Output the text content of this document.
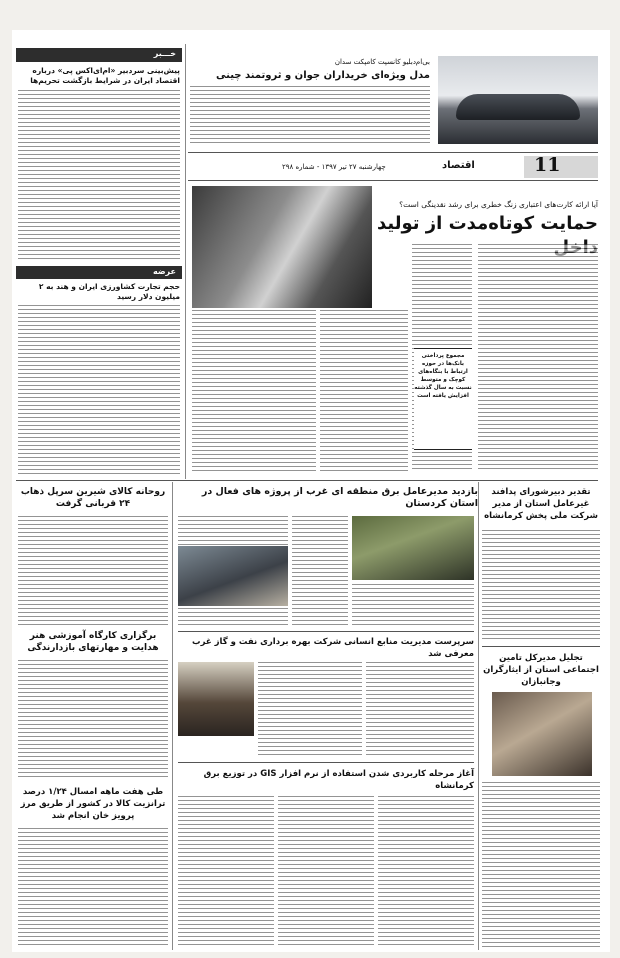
خـــبر
پیش‌بینی سردبیر «ام‌ای‌اکس پی» درباره اقتصاد ایران در شرایط بازگشت تحریم‌ها
عرضه
حجم تجارت کشاورزی ایران و هند به ۲ میلیون دلار رسید
بی‌ام‌دبلیو کانسپت کامپکت سدان
مدل ویژه‌ای خریداران جوان و ثروتمند چینی
11
اقتصاد
چهارشنبه ۲۷ تیر ۱۳۹۷ - شماره ۲۹۸
آیا ارائه کارت‌های اعتباری زنگ خطری برای رشد نقدینگی است؟
حمایت کوتاه‌مدت از تولید

مجموع پرداختی بانک‌ها در حوزه ارتباط با بنگاه‌های کوچک و متوسط نسبت به سال گذشته افزایش یافته است

روحانه کالای شیرین سرپل ذهاب ۲۴ قربانی گرفت
برگزاری کارگاه آموزشی هنر هدایت و مهارتهای بازدارندگی
طی هفت ماهه امسال ۱/۲۴ درصد ترانزیت کالا در کشور از طریق مرز پرویز خان انجام شد
بازدید مدیرعامل برق منطقه ای غرب از پروژه های فعال در استان کردستان
سرپرست مدیریت منابع انسانی شرکت بهره برداری نفت و گاز غرب معرفی شد
آغاز مرحله کاربردی شدن استفاده از نرم افزار GIS در توزیع برق کرمانشاه
تقدیر دبیرشورای پدافند غیرعامل استان از مدیر شرکت ملی پخش کرمانشاه
تجلیل مدیرکل تامین اجتماعی استان از ایثارگران وجانبازان
